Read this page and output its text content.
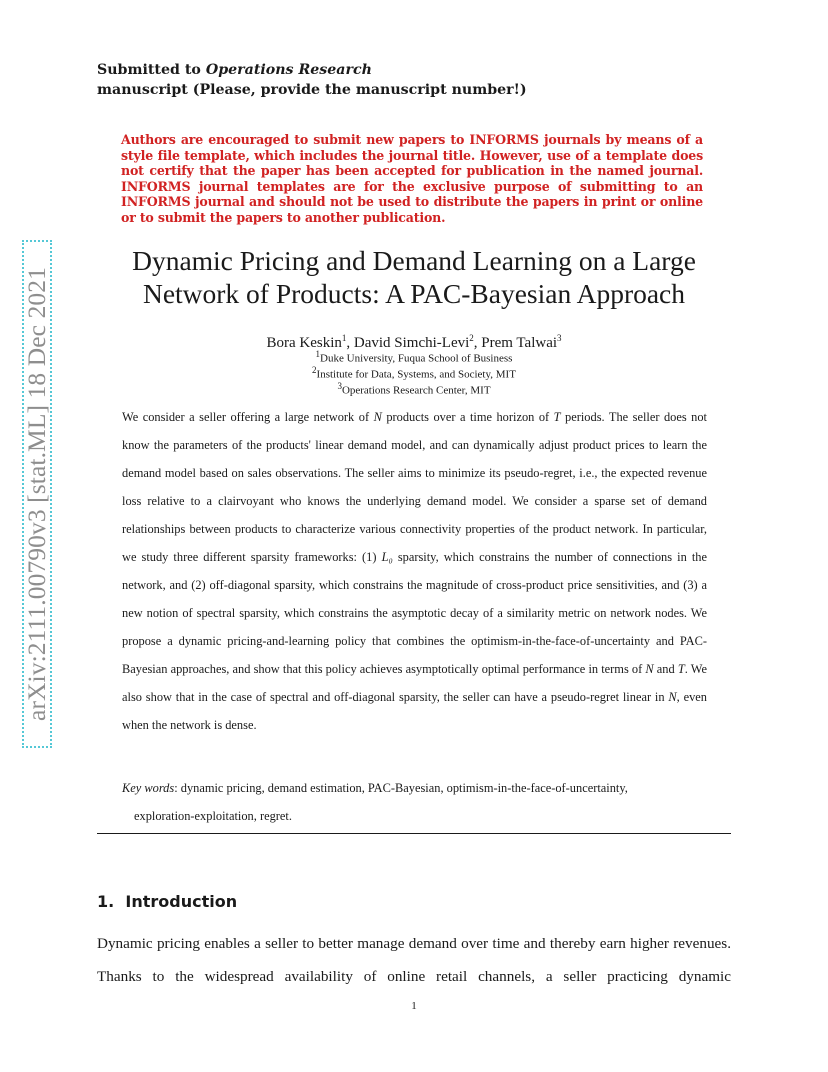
arXiv:2111.00790v3 [stat.ML] 18 Dec 2021
Submitted to Operations Research
manuscript (Please, provide the manuscript number!)
Authors are encouraged to submit new papers to INFORMS journals by means of a style file template, which includes the journal title. However, use of a template does not certify that the paper has been accepted for publication in the named journal. INFORMS journal templates are for the exclusive purpose of submitting to an INFORMS journal and should not be used to distribute the papers in print or online or to submit the papers to another publication.
Dynamic Pricing and Demand Learning on a Large
Network of Products: A PAC-Bayesian Approach
Bora Keskin$^1$, David Simchi-Levi$^2$, Prem Talwai$^3$
$^1$Duke University, Fuqua School of Business
$^2$Institute for Data, Systems, and Society, MIT
$^3$Operations Research Center, MIT
We consider a seller offering a large network of N products over a time horizon of T periods. The seller does not know the parameters of the products' linear demand model, and can dynamically adjust product prices to learn the demand model based on sales observations. The seller aims to minimize its pseudo-regret, i.e., the expected revenue loss relative to a clairvoyant who knows the underlying demand model. We consider a sparse set of demand relationships between products to characterize various connectivity properties of the product network. In particular, we study three different sparsity frameworks: (1) L₀ sparsity, which constrains the number of connections in the network, and (2) off-diagonal sparsity, which constrains the magnitude of cross-product price sensitivities, and (3) a new notion of spectral sparsity, which constrains the asymptotic decay of a similarity metric on network nodes. We propose a dynamic pricing-and-learning policy that combines the optimism-in-the-face-of-uncertainty and PAC-Bayesian approaches, and show that this policy achieves asymptotically optimal performance in terms of N and T. We also show that in the case of spectral and off-diagonal sparsity, the seller can have a pseudo-regret linear in N, even when the network is dense.
Key words: dynamic pricing, demand estimation, PAC-Bayesian, optimism-in-the-face-of-uncertainty,
exploration-exploitation, regret.
1. Introduction
Dynamic pricing enables a seller to better manage demand over time and thereby earn higher revenues. Thanks to the widespread availability of online retail channels, a seller practicing dynamic
1
